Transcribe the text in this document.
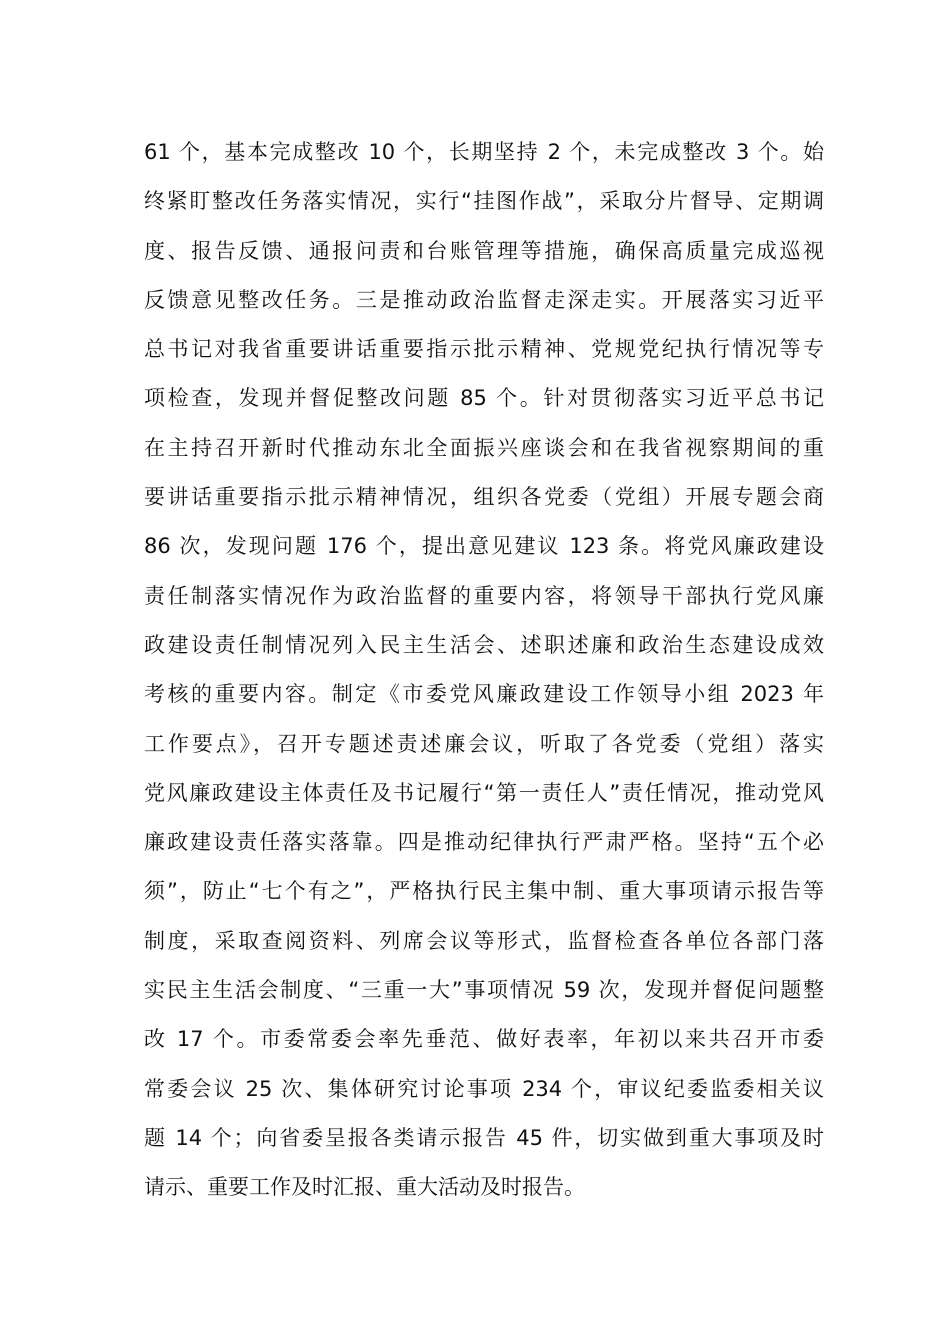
61 个，基本完成整改 10 个，长期坚持 2 个，未完成整改 3 个。始
终紧盯整改任务落实情况，实行“挂图作战”，采取分片督导、定期调
度、报告反馈、通报问责和台账管理等措施，确保高质量完成巡视
反馈意见整改任务。三是推动政治监督走深走实。开展落实习近平
总书记对我省重要讲话重要指示批示精神、党规党纪执行情况等专
项检查，发现并督促整改问题 85 个。针对贯彻落实习近平总书记
在主持召开新时代推动东北全面振兴座谈会和在我省视察期间的重
要讲话重要指示批示精神情况，组织各党委（党组）开展专题会商
86 次，发现问题 176 个，提出意见建议 123 条。将党风廉政建设
责任制落实情况作为政治监督的重要内容，将领导干部执行党风廉
政建设责任制情况列入民主生活会、述职述廉和政治生态建设成效
考核的重要内容。制定《市委党风廉政建设工作领导小组 2023 年
工作要点》，召开专题述责述廉会议，听取了各党委（党组）落实
党风廉政建设主体责任及书记履行“第一责任人”责任情况，推动党风
廉政建设责任落实落靠。四是推动纪律执行严肃严格。坚持“五个必
须”，防止“七个有之”，严格执行民主集中制、重大事项请示报告等
制度，采取查阅资料、列席会议等形式，监督检查各单位各部门落
实民主生活会制度、“三重一大”事项情况 59 次，发现并督促问题整
改 17 个。市委常委会率先垂范、做好表率，年初以来共召开市委
常委会议 25 次、集体研究讨论事项 234 个，审议纪委监委相关议
题 14 个；向省委呈报各类请示报告 45 件，切实做到重大事项及时
请示、重要工作及时汇报、重大活动及时报告。
